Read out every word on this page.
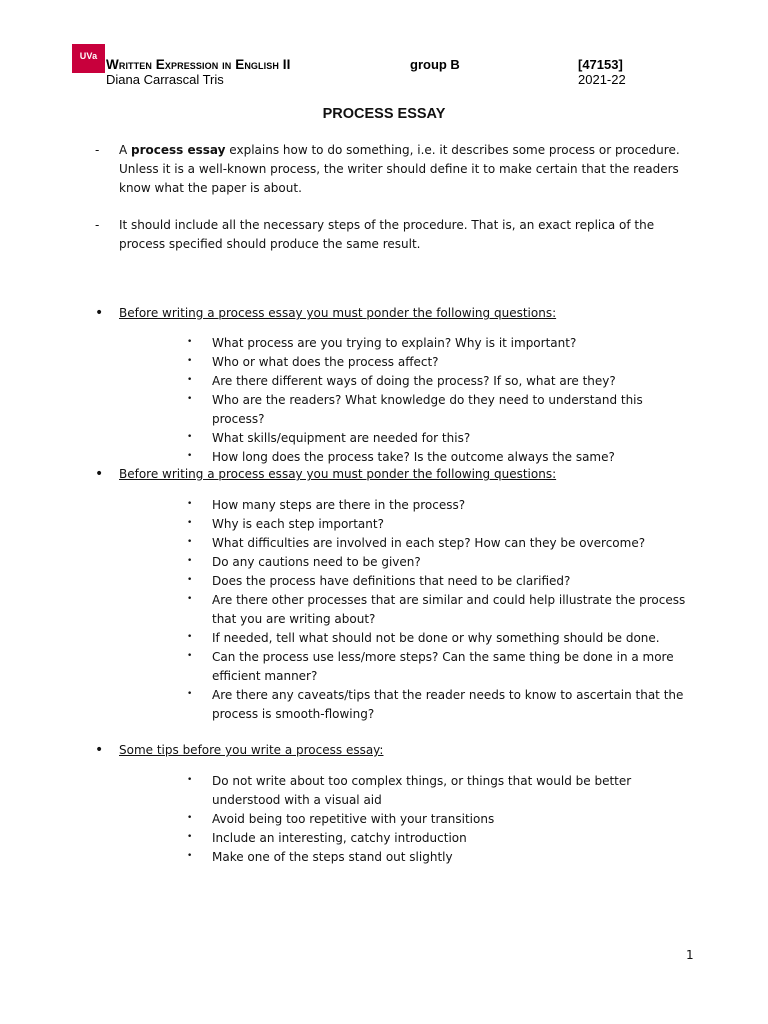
UVa
Written Expression in English II	group B	[47153]
Diana Carrascal Tris	2021-22
PROCESS ESSAY
- A process essay explains how to do something, i.e. it describes some process or procedure. Unless it is a well-known process, the writer should define it to make certain that the readers know what the paper is about.
- It should include all the necessary steps of the procedure. That is, an exact replica of the process specified should produce the same result.
• Before writing a process essay you must ponder the following questions:
• What process are you trying to explain? Why is it important?
• Who or what does the process affect?
• Are there different ways of doing the process? If so, what are they?
• Who are the readers? What knowledge do they need to understand this process?
• What skills/equipment are needed for this?
• How long does the process take? Is the outcome always the same?
• Before writing a process essay you must ponder the following questions:
• How many steps are there in the process?
• Why is each step important?
• What difficulties are involved in each step? How can they be overcome?
• Do any cautions need to be given?
• Does the process have definitions that need to be clarified?
• Are there other processes that are similar and could help illustrate the process that you are writing about?
• If needed, tell what should not be done or why something should be done.
• Can the process use less/more steps? Can the same thing be done in a more efficient manner?
• Are there any caveats/tips that the reader needs to know to ascertain that the process is smooth-flowing?
• Some tips before you write a process essay:
• Do not write about too complex things, or things that would be better understood with a visual aid
• Avoid being too repetitive with your transitions
• Include an interesting, catchy introduction
• Make one of the steps stand out slightly
1
